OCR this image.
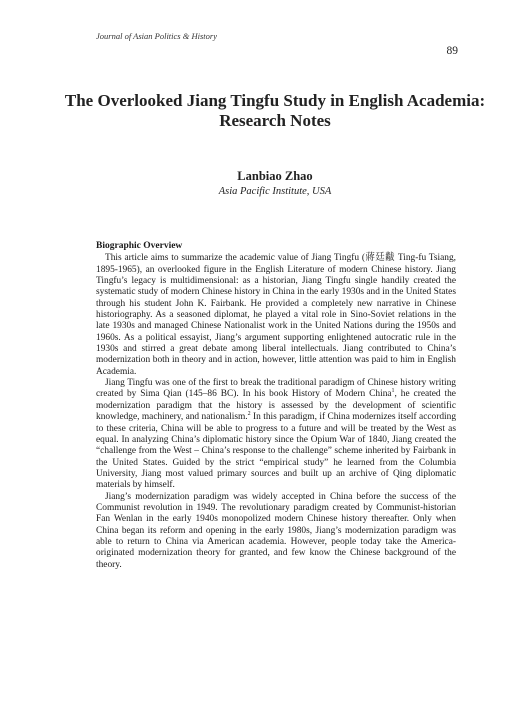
Journal of Asian Politics & History
89
The Overlooked Jiang Tingfu Study in English Academia: Research Notes
Lanbiao Zhao
Asia Pacific Institute, USA
Biographic Overview

This article aims to summarize the academic value of Jiang Tingfu (蔣廷黻 Ting-fu Tsiang, 1895-1965), an overlooked figure in the English Literature of modern Chinese history. Jiang Tingfu’s legacy is multidimensional: as a historian, Jiang Tingfu single handily created the systematic study of modern Chinese history in China in the early 1930s and in the United States through his student John K. Fairbank. He provided a completely new narrative in Chinese historiography. As a seasoned diplomat, he played a vital role in Sino-Soviet relations in the late 1930s and managed Chinese Nationalist work in the United Nations during the 1950s and 1960s. As a political essayist, Jiang’s argument supporting enlightened autocratic rule in the 1930s and stirred a great debate among liberal intellectuals. Jiang contributed to China’s modernization both in theory and in action, however, little attention was paid to him in English Academia.

Jiang Tingfu was one of the first to break the traditional paradigm of Chinese history writing created by Sima Qian (145–86 BC). In his book History of Modern China$^1$, he created the modernization paradigm that the history is assessed by the development of scientific knowledge, machinery, and nationalism.$^2$ In this paradigm, if China modernizes itself according to these criteria, China will be able to progress to a future and will be treated by the West as equal. In analyzing China’s diplomatic history since the Opium War of 1840, Jiang created the “challenge from the West – China’s response to the challenge” scheme inherited by Fairbank in the United States. Guided by the strict “empirical study” he learned from the Columbia University, Jiang most valued primary sources and built up an archive of Qing diplomatic materials by himself.

Jiang’s modernization paradigm was widely accepted in China before the success of the Communist revolution in 1949. The revolutionary paradigm created by Communist-historian Fan Wenlan in the early 1940s monopolized modern Chinese history thereafter. Only when China began its reform and opening in the early 1980s, Jiang’s modernization paradigm was able to return to China via American academia. However, people today take the America-originated modernization theory for granted, and few know the Chinese background of the theory.
